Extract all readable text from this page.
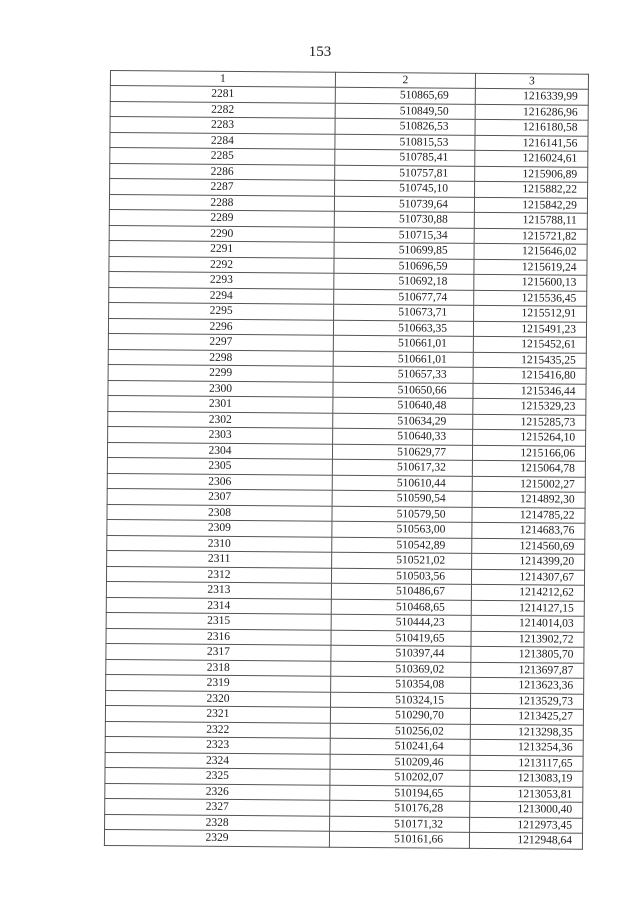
153
1	2	3
2281	510865,69	1216339,99
2282	510849,50	1216286,96
2283	510826,53	1216180,58
2284	510815,53	1216141,56
2285	510785,41	1216024,61
2286	510757,81	1215906,89
2287	510745,10	1215882,22
2288	510739,64	1215842,29
2289	510730,88	1215788,11
2290	510715,34	1215721,82
2291	510699,85	1215646,02
2292	510696,59	1215619,24
2293	510692,18	1215600,13
2294	510677,74	1215536,45
2295	510673,71	1215512,91
2296	510663,35	1215491,23
2297	510661,01	1215452,61
2298	510661,01	1215435,25
2299	510657,33	1215416,80
2300	510650,66	1215346,44
2301	510640,48	1215329,23
2302	510634,29	1215285,73
2303	510640,33	1215264,10
2304	510629,77	1215166,06
2305	510617,32	1215064,78
2306	510610,44	1215002,27
2307	510590,54	1214892,30
2308	510579,50	1214785,22
2309	510563,00	1214683,76
2310	510542,89	1214560,69
2311	510521,02	1214399,20
2312	510503,56	1214307,67
2313	510486,67	1214212,62
2314	510468,65	1214127,15
2315	510444,23	1214014,03
2316	510419,65	1213902,72
2317	510397,44	1213805,70
2318	510369,02	1213697,87
2319	510354,08	1213623,36
2320	510324,15	1213529,73
2321	510290,70	1213425,27
2322	510256,02	1213298,35
2323	510241,64	1213254,36
2324	510209,46	1213117,65
2325	510202,07	1213083,19
2326	510194,65	1213053,81
2327	510176,28	1213000,40
2328	510171,32	1212973,45
2329	510161,66	1212948,64
